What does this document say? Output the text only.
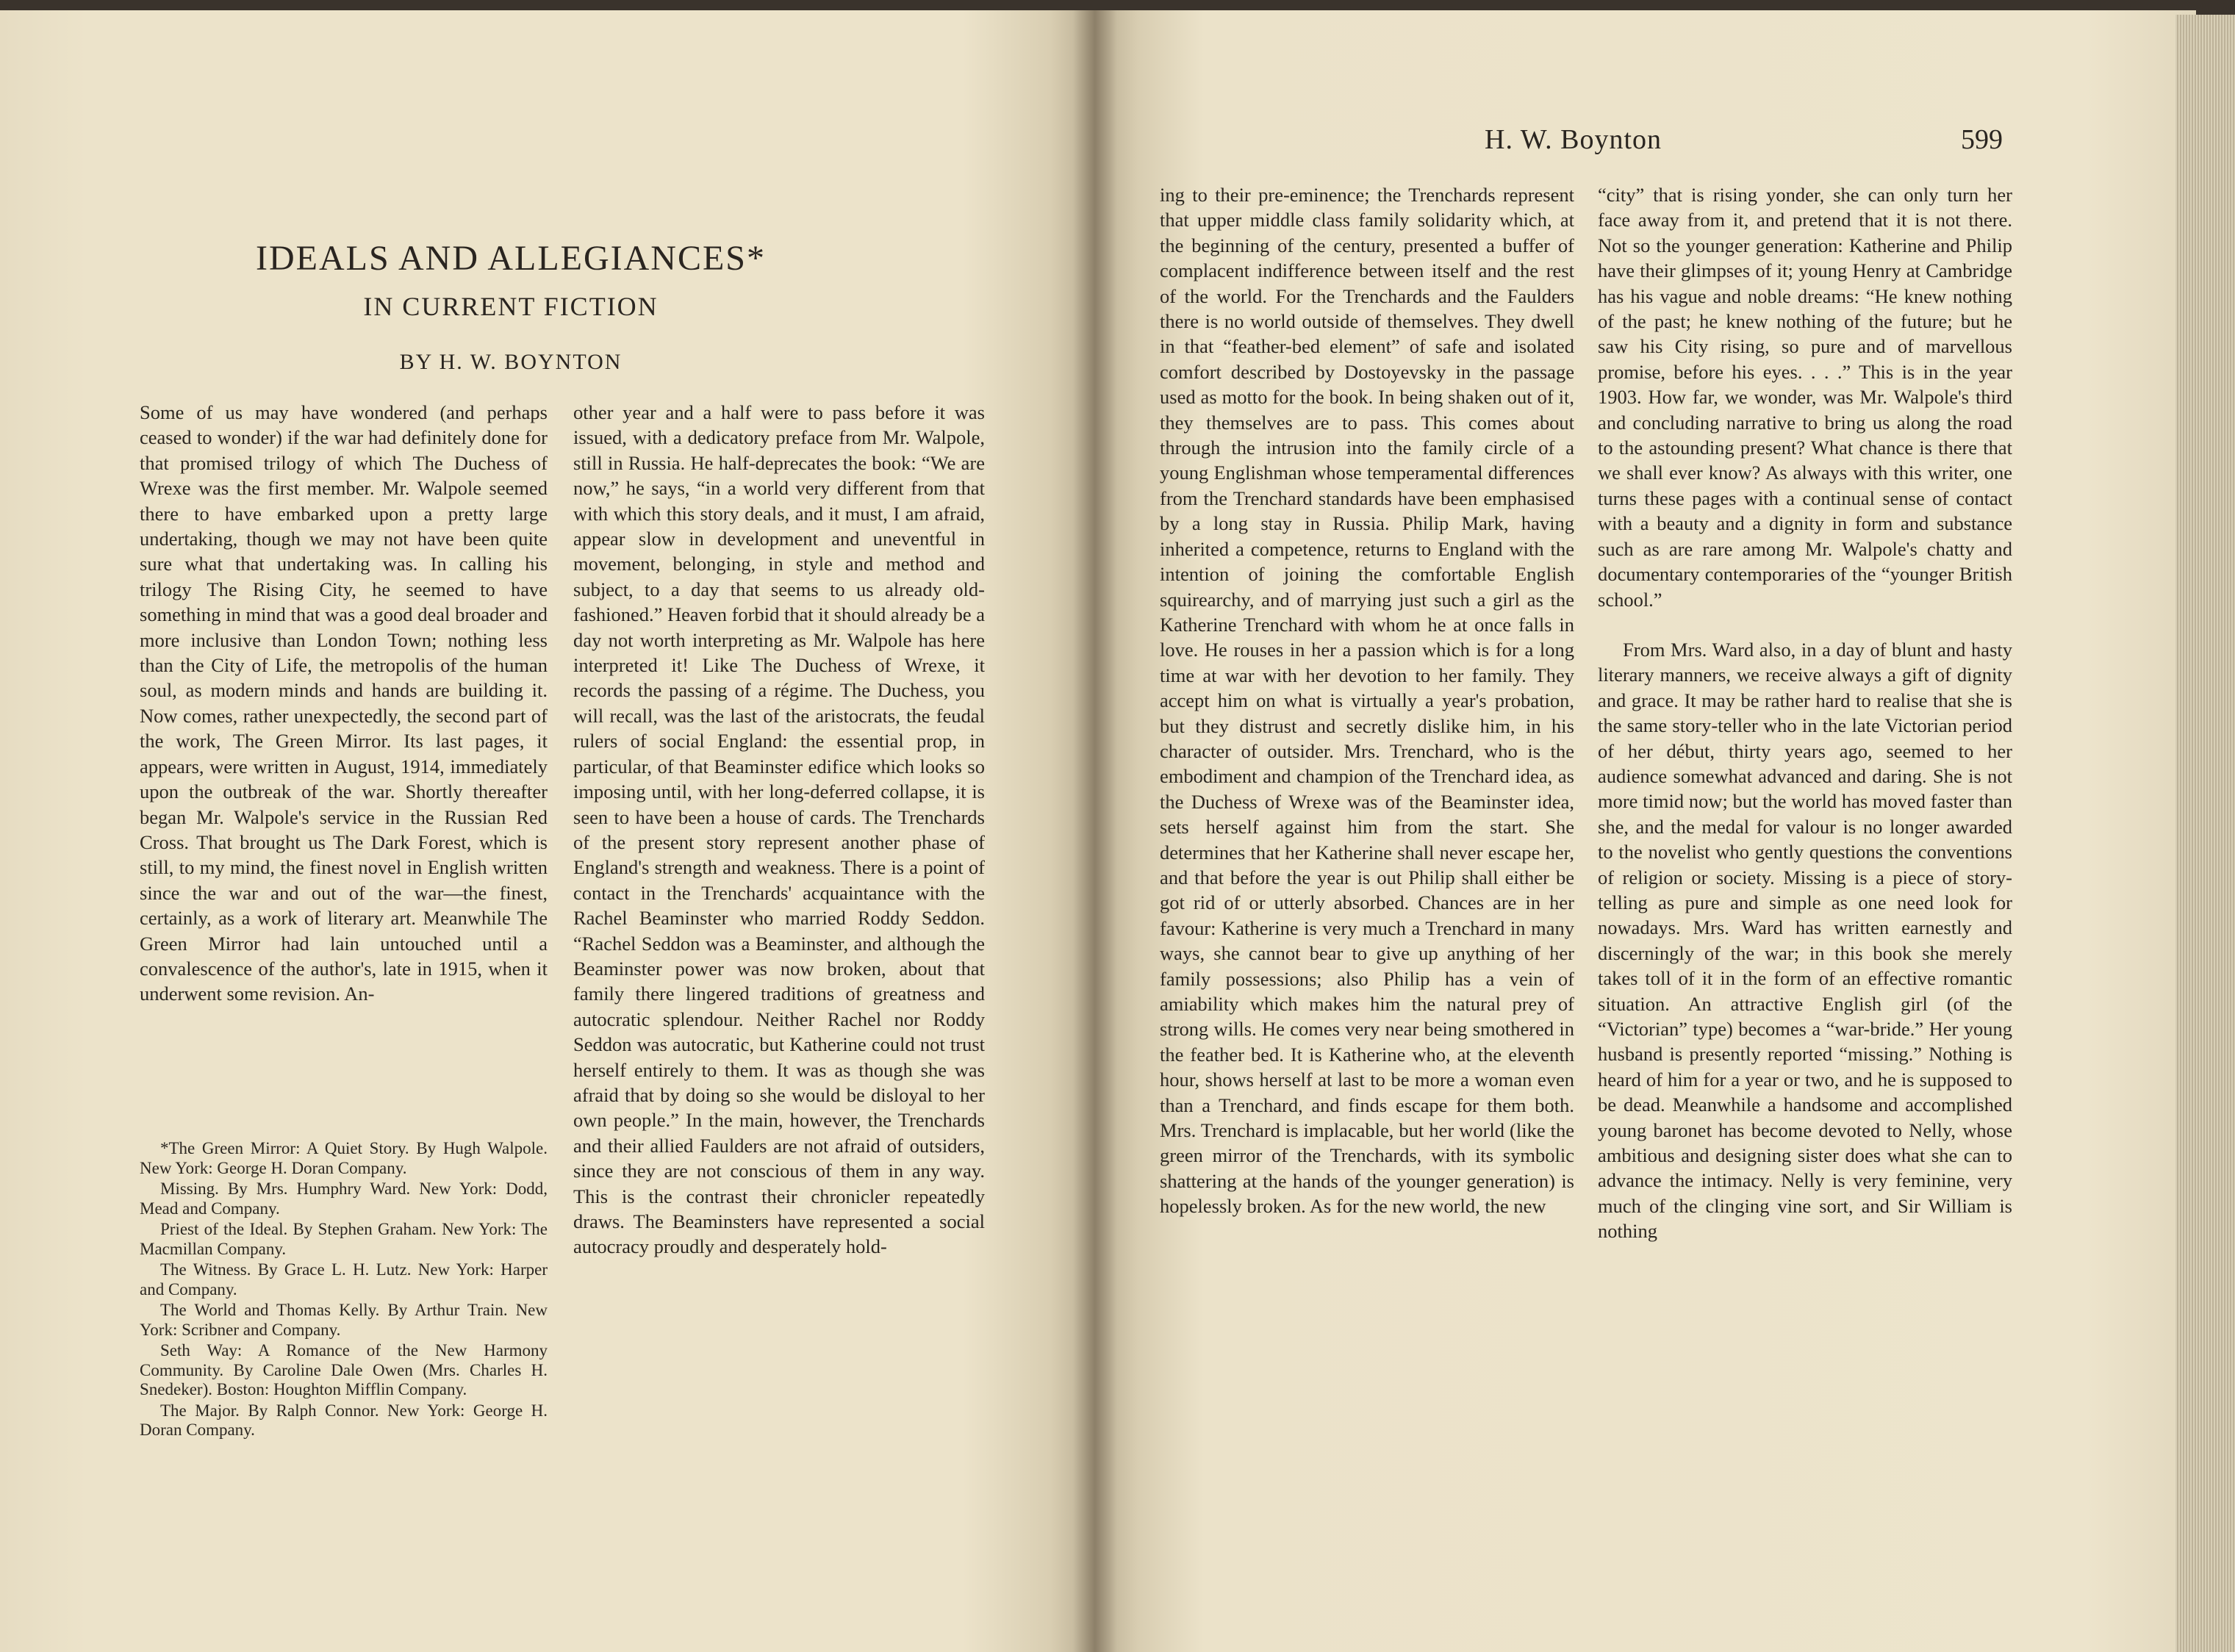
IDEALS AND ALLEGIANCES*
IN CURRENT FICTION
BY H. W. BOYNTON

Some of us may have wondered (and perhaps ceased to wonder) if the war had definitely done for that promised trilogy of which The Duchess of Wrexe was the first member. Mr. Walpole seemed there to have embarked upon a pretty large undertaking, though we may not have been quite sure what that undertaking was. In calling his trilogy The Rising City, he seemed to have something in mind that was a good deal broader and more inclusive than London Town; nothing less than the City of Life, the metropolis of the human soul, as modern minds and hands are building it. Now comes, rather unexpectedly, the second part of the work, The Green Mirror. Its last pages, it appears, were written in August, 1914, immediately upon the outbreak of the war. Shortly thereafter began Mr. Walpole's service in the Russian Red Cross. That brought us The Dark Forest, which is still, to my mind, the finest novel in English written since the war and out of the war—the finest, certainly, as a work of literary art. Meanwhile The Green Mirror had lain untouched until a convalescence of the author's, late in 1915, when it underwent some revision. An-

*The Green Mirror: A Quiet Story. By Hugh Walpole. New York: George H. Doran Company.

Missing. By Mrs. Humphry Ward. New York: Dodd, Mead and Company.

Priest of the Ideal. By Stephen Graham. New York: The Macmillan Company.

The Witness. By Grace L. H. Lutz. New York: Harper and Company.

The World and Thomas Kelly. By Arthur Train. New York: Scribner and Company.

Seth Way: A Romance of the New Harmony Community. By Caroline Dale Owen (Mrs. Charles H. Snedeker). Boston: Houghton Mifflin Company.

The Major. By Ralph Connor. New York: George H. Doran Company.

other year and a half were to pass before it was issued, with a dedicatory preface from Mr. Walpole, still in Russia. He half-deprecates the book: “We are now,” he says, “in a world very different from that with which this story deals, and it must, I am afraid, appear slow in development and uneventful in movement, belonging, in style and method and subject, to a day that seems to us already old-fashioned.” Heaven forbid that it should already be a day not worth interpreting as Mr. Walpole has here interpreted it! Like The Duchess of Wrexe, it records the passing of a régime. The Duchess, you will recall, was the last of the aristocrats, the feudal rulers of social England: the essential prop, in particular, of that Beaminster edifice which looks so imposing until, with her long-deferred collapse, it is seen to have been a house of cards. The Trenchards of the present story represent another phase of England's strength and weakness. There is a point of contact in the Trenchards' acquaintance with the Rachel Beaminster who married Roddy Seddon. “Rachel Seddon was a Beaminster, and although the Beaminster power was now broken, about that family there lingered traditions of greatness and autocratic splendour. Neither Rachel nor Roddy Seddon was autocratic, but Katherine could not trust herself entirely to them. It was as though she was afraid that by doing so she would be disloyal to her own people.” In the main, however, the Trenchards and their allied Faulders are not afraid of outsiders, since they are not conscious of them in any way. This is the contrast their chronicler repeatedly draws. The Beaminsters have represented a social autocracy proudly and desperately hold-

H. W. Boynton	599

ing to their pre-eminence; the Trenchards represent that upper middle class family solidarity which, at the beginning of the century, presented a buffer of complacent indifference between itself and the rest of the world. For the Trenchards and the Faulders there is no world outside of themselves. They dwell in that “feather-bed element” of safe and isolated comfort described by Dostoyevsky in the passage used as motto for the book. In being shaken out of it, they themselves are to pass. This comes about through the intrusion into the family circle of a young Englishman whose temperamental differences from the Trenchard standards have been emphasised by a long stay in Russia. Philip Mark, having inherited a competence, returns to England with the intention of joining the comfortable English squirearchy, and of marrying just such a girl as the Katherine Trenchard with whom he at once falls in love. He rouses in her a passion which is for a long time at war with her devotion to her family. They accept him on what is virtually a year's probation, but they distrust and secretly dislike him, in his character of outsider. Mrs. Trenchard, who is the embodiment and champion of the Trenchard idea, as the Duchess of Wrexe was of the Beaminster idea, sets herself against him from the start. She determines that her Katherine shall never escape her, and that before the year is out Philip shall either be got rid of or utterly absorbed. Chances are in her favour: Katherine is very much a Trenchard in many ways, she cannot bear to give up anything of her family possessions; also Philip has a vein of amiability which makes him the natural prey of strong wills. He comes very near being smothered in the feather bed. It is Katherine who, at the eleventh hour, shows herself at last to be more a woman even than a Trenchard, and finds escape for them both. Mrs. Trenchard is implacable, but her world (like the green mirror of the Trenchards, with its symbolic shattering at the hands of the younger generation) is hopelessly broken. As for the new world, the new

“city” that is rising yonder, she can only turn her face away from it, and pretend that it is not there. Not so the younger generation: Katherine and Philip have their glimpses of it; young Henry at Cambridge has his vague and noble dreams: “He knew nothing of the past; he knew nothing of the future; but he saw his City rising, so pure and of marvellous promise, before his eyes. . . .” This is in the year 1903. How far, we wonder, was Mr. Walpole's third and concluding narrative to bring us along the road to the astounding present? What chance is there that we shall ever know? As always with this writer, one turns these pages with a continual sense of contact with a beauty and a dignity in form and substance such as are rare among Mr. Walpole's chatty and documentary contemporaries of the “younger British school.”

From Mrs. Ward also, in a day of blunt and hasty literary manners, we receive always a gift of dignity and grace. It may be rather hard to realise that she is the same story-teller who in the late Victorian period of her début, thirty years ago, seemed to her audience somewhat advanced and daring. She is not more timid now; but the world has moved faster than she, and the medal for valour is no longer awarded to the novelist who gently questions the conventions of religion or society. Missing is a piece of story-telling as pure and simple as one need look for nowadays. Mrs. Ward has written earnestly and discerningly of the war; in this book she merely takes toll of it in the form of an effective romantic situation. An attractive English girl (of the “Victorian” type) becomes a “war-bride.” Her young husband is presently reported “missing.” Nothing is heard of him for a year or two, and he is supposed to be dead. Meanwhile a handsome and accomplished young baronet has become devoted to Nelly, whose ambitious and designing sister does what she can to advance the intimacy. Nelly is very feminine, very much of the clinging vine sort, and Sir William is nothing
